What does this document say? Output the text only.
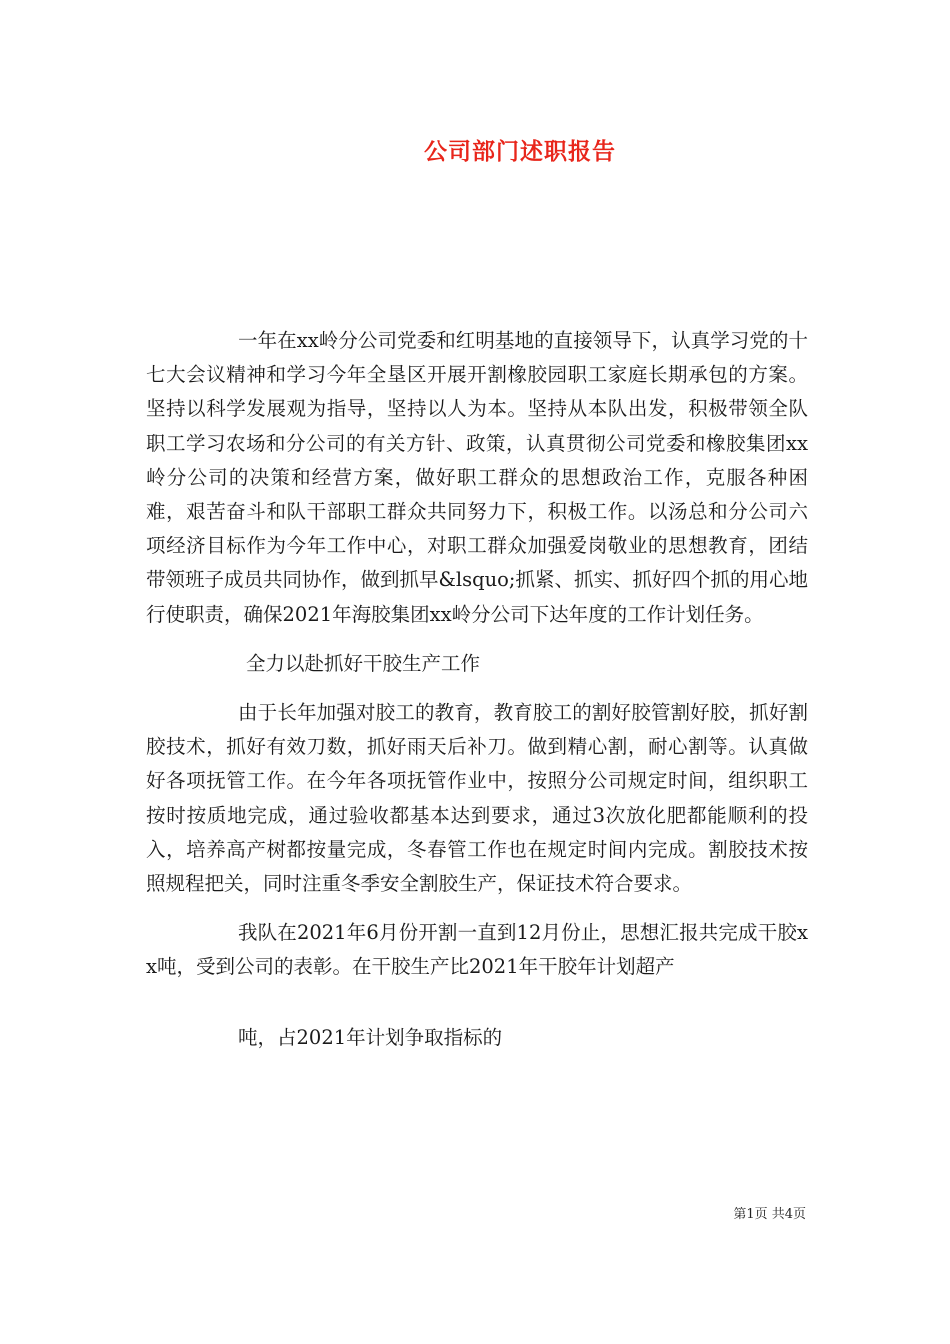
公司部门述职报告

一年在xx岭分公司党委和红明基地的直接领导下，认真学习党的十七大会议精神和学习今年全垦区开展开割橡胶园职工家庭长期承包的方案。坚持以科学发展观为指导，坚持以人为本。坚持从本队出发，积极带领全队职工学习农场和分公司的有关方针、政策，认真贯彻公司党委和橡胶集团xx岭分公司的决策和经营方案，做好职工群众的思想政治工作，克服各种困难，艰苦奋斗和队干部职工群众共同努力下，积极工作。以汤总和分公司六项经济目标作为今年工作中心，对职工群众加强爱岗敬业的思想教育，团结带领班子成员共同协作，做到抓早&lsquo;抓紧、抓实、抓好四个抓的用心地行使职责，确保2021年海胶集团xx岭分公司下达年度的工作计划任务。

全力以赴抓好干胶生产工作

由于长年加强对胶工的教育，教育胶工的割好胶管割好胶，抓好割胶技术，抓好有效刀数，抓好雨天后补刀。做到精心割，耐心割等。认真做好各项抚管工作。在今年各项抚管作业中，按照分公司规定时间，组织职工按时按质地完成，通过验收都基本达到要求，通过3次放化肥都能顺利的投入，培养高产树都按量完成，冬春管工作也在规定时间内完成。割胶技术按照规程把关，同时注重冬季安全割胶生产，保证技术符合要求。

我队在2021年6月份开割一直到12月份止，思想汇报共完成干胶xx吨，受到公司的表彰。在干胶生产比2021年干胶年计划超产

吨，占2021年计划争取指标的

第1页 共4页
